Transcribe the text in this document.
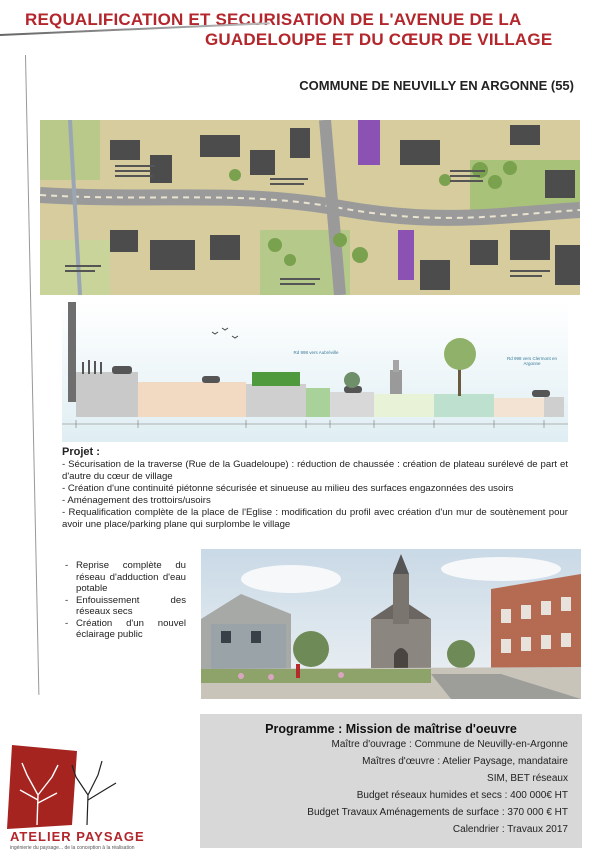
REQUALIFICATION ET SECURISATION DE L'AVENUE DE LA
GUADELOUPE ET DU CŒUR DE VILLAGE
COMMUNE DE NEUVILLY EN ARGONNE (55)
Rd 998 vers Aubréville
Rd 998 vers Clermont en Argonne
Projet :
- Sécurisation de la traverse (Rue de la Guadeloupe) : réduction de chaussée : création de plateau surélevé de part et d'autre du cœur de village
- Création d'une continuité piétonne sécurisée et sinueuse au milieu des surfaces engazonnées des usoirs
- Aménagement des trottoirs/usoirs
- Requalification complète de la place de l'Eglise : modification du profil avec création d'un mur de soutènement pour avoir une place/parking plane qui surplombe le village
- Reprise complète du réseau d'adduction d'eau potable
- Enfouissement des réseaux secs
- Création d'un nouvel éclairage public
Programme : Mission de maîtrise d'oeuvre
Maître d'ouvrage : Commune de Neuvilly-en-Argonne
Maîtres d'œuvre : Atelier Paysage, mandataire
SIM, BET réseaux
Budget réseaux humides et secs : 400 000€ HT
Budget Travaux Aménagements de surface : 370 000 € HT
Calendrier : Travaux 2017
ATELIER PAYSAGE
ingénierie du paysage... de la conception à la réalisation
